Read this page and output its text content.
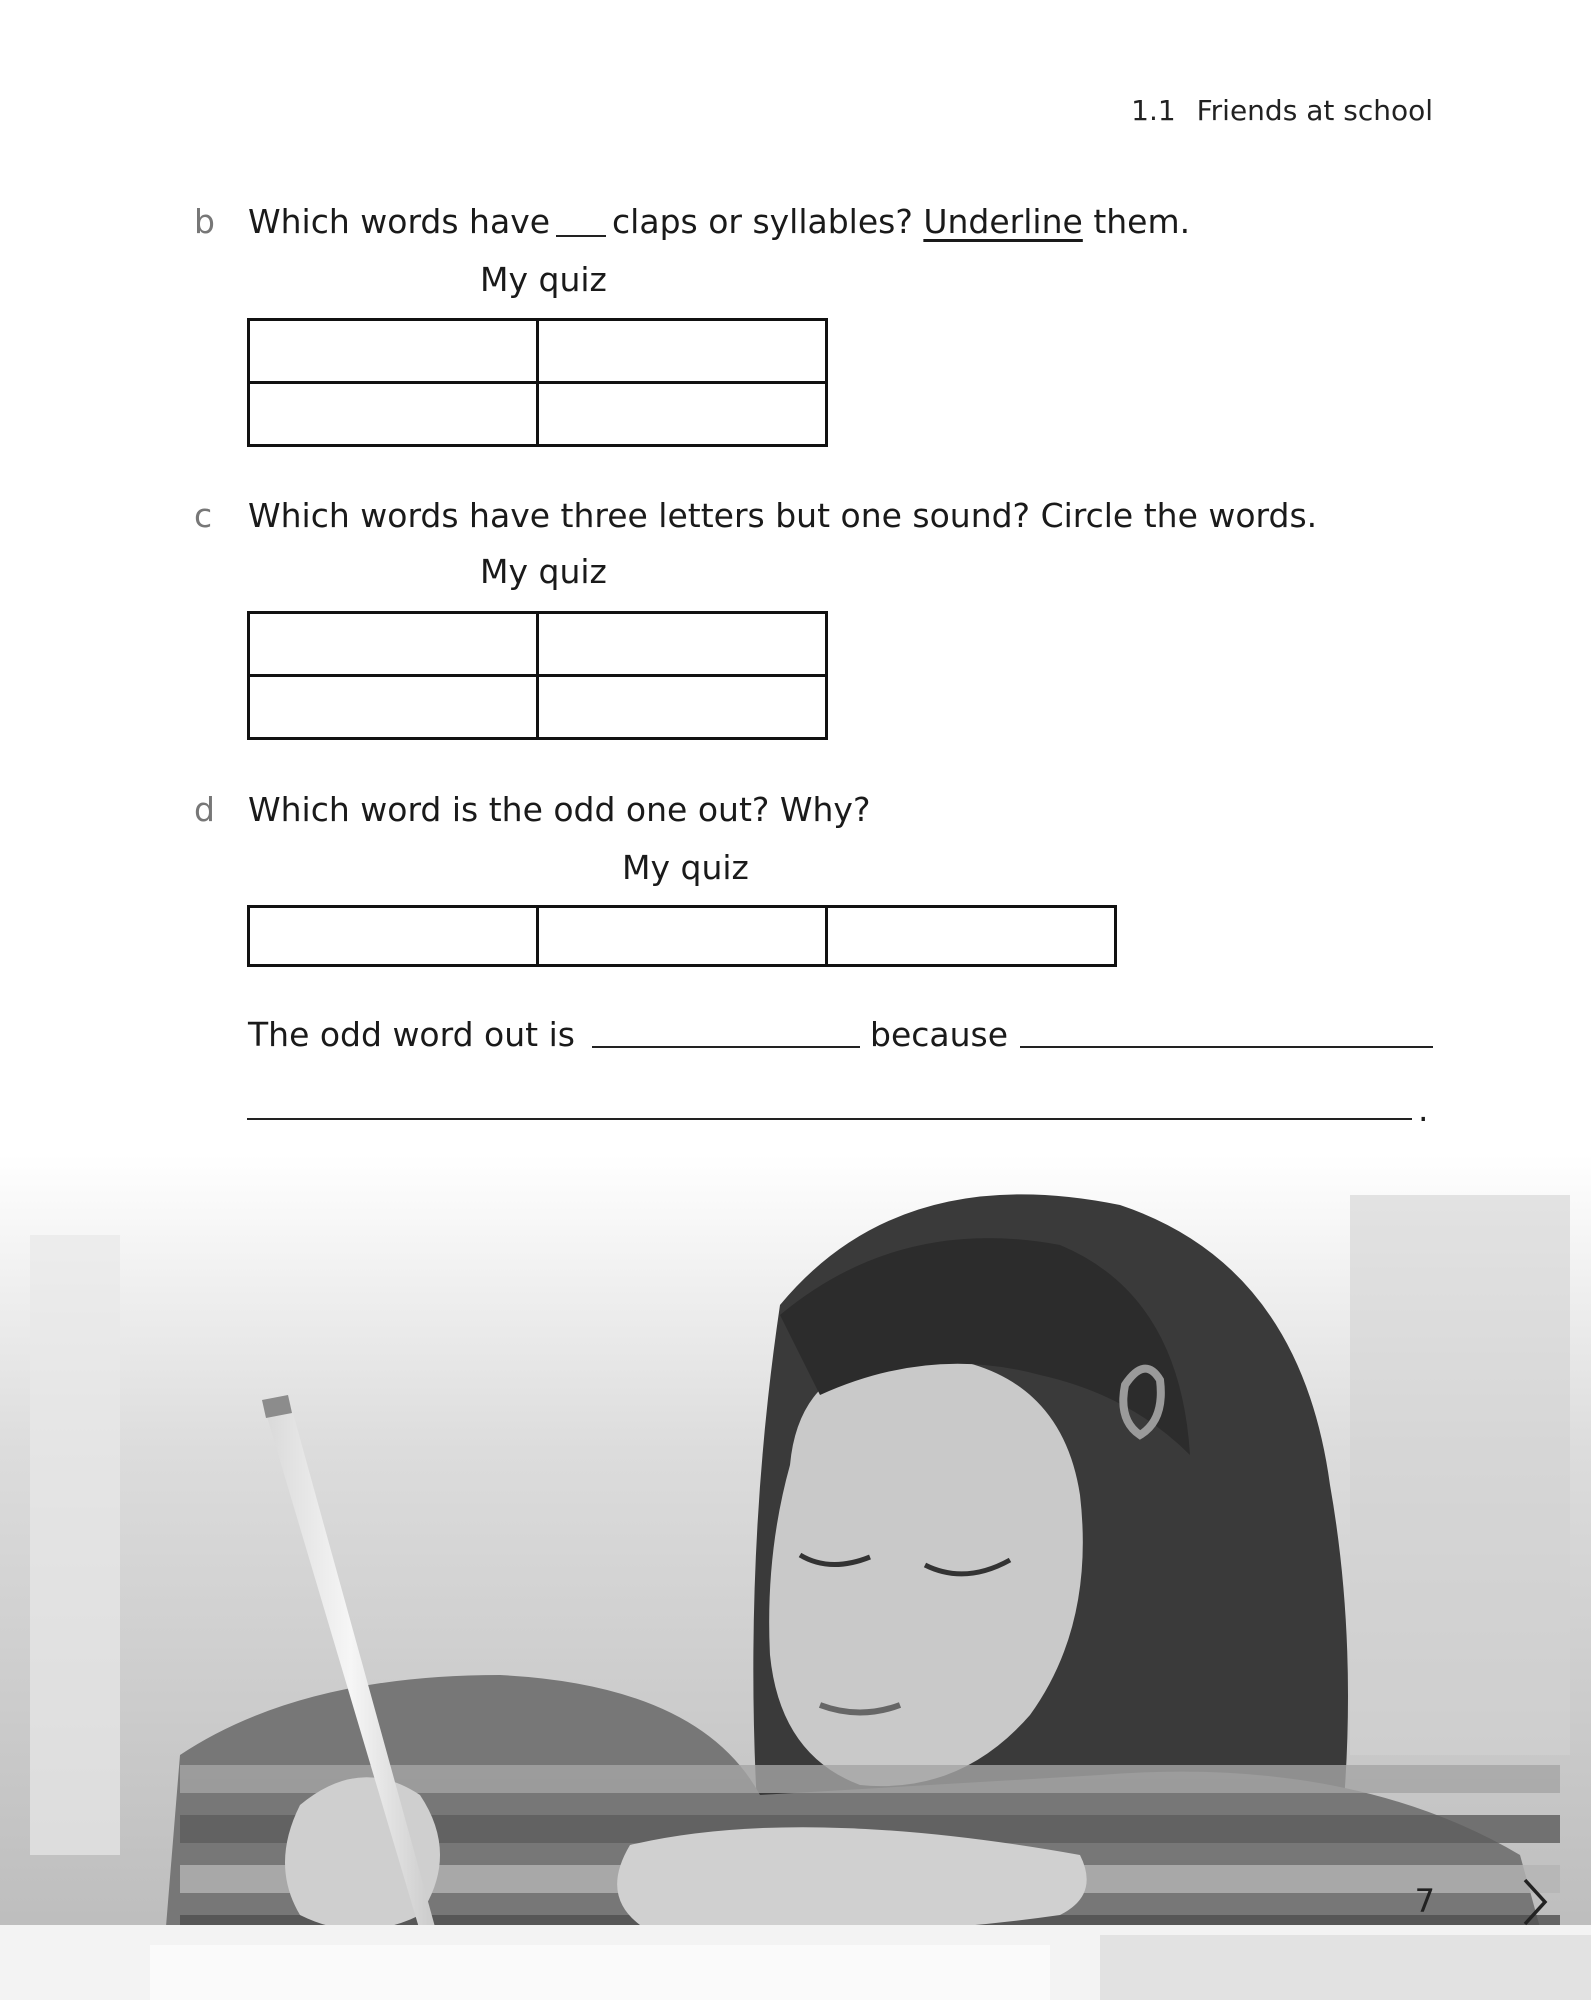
1.1 Friends at school
b Which words have claps or syllables? Underline them.
My quiz

c Which words have three letters but one sound? Circle the words.
My quiz

d Which word is the odd one out? Why?
My quiz

The odd word out is	because
.
7
